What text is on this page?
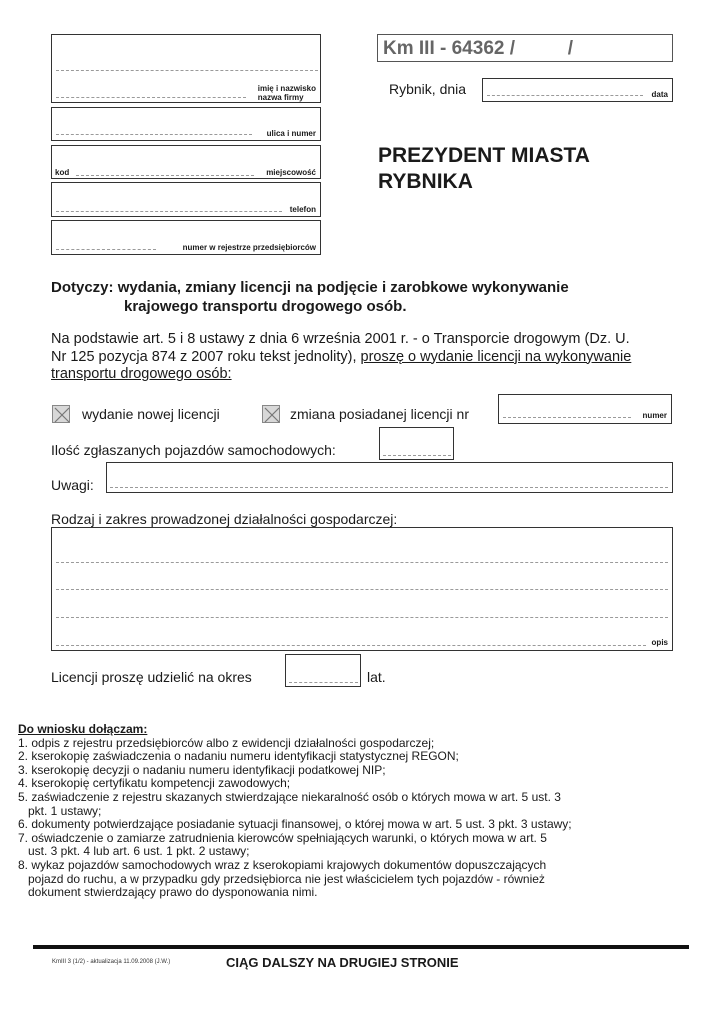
imię i nazwisko
nazwa firmy
ulica i numer
kod	miejscowość
telefon
numer w rejestrze przedsiębiorców
Km III - 64362 /          /
Rybnik, dnia	data
PREZYDENT MIASTA
RYBNIKA
Dotyczy: wydania, zmiany licencji na podjęcie i zarobkowe wykonywanie
krajowego transportu drogowego osób.
Na podstawie art. 5 i 8 ustawy z dnia 6 września 2001 r. - o Transporcie drogowym (Dz. U.
Nr 125 pozycja 874 z 2007 roku tekst jednolity), proszę o wydanie licencji na wykonywanie
transportu drogowego osób:
wydanie nowej licencji	zmiana posiadanej licencji nr	numer
Ilość zgłaszanych pojazdów samochodowych:
Uwagi:
Rodzaj i zakres prowadzonej działalności gospodarczej:
opis
Licencji proszę udzielić na okres	lat.
Do wniosku dołączam:
1. odpis z rejestru przedsiębiorców albo z ewidencji działalności gospodarczej;
2. kserokopię zaświadczenia o nadaniu numeru identyfikacji statystycznej REGON;
3. kserokopię decyzji o nadaniu numeru identyfikacji podatkowej NIP;
4. kserokopię certyfikatu kompetencji zawodowych;
5. zaświadczenie z rejestru skazanych stwierdzające niekaralność osób o których mowa w art. 5 ust. 3
pkt. 1 ustawy;
6. dokumenty potwierdzające posiadanie sytuacji finansowej, o której mowa w art. 5 ust. 3 pkt. 3 ustawy;
7. oświadczenie o zamiarze zatrudnienia kierowców spełniających warunki, o których mowa w art. 5
ust. 3 pkt. 4 lub art. 6 ust. 1 pkt. 2 ustawy;
8. wykaz pojazdów samochodowych wraz z kserokopiami krajowych dokumentów dopuszczających
pojazd do ruchu, a w przypadku gdy przedsiębiorca nie jest właścicielem tych pojazdów - również
dokument stwierdzający prawo do dysponowania nimi.
KmIII 3 (1/2) - aktualizacja 11.09.2008 (J.W.)	CIĄG DALSZY NA DRUGIEJ STRONIE
